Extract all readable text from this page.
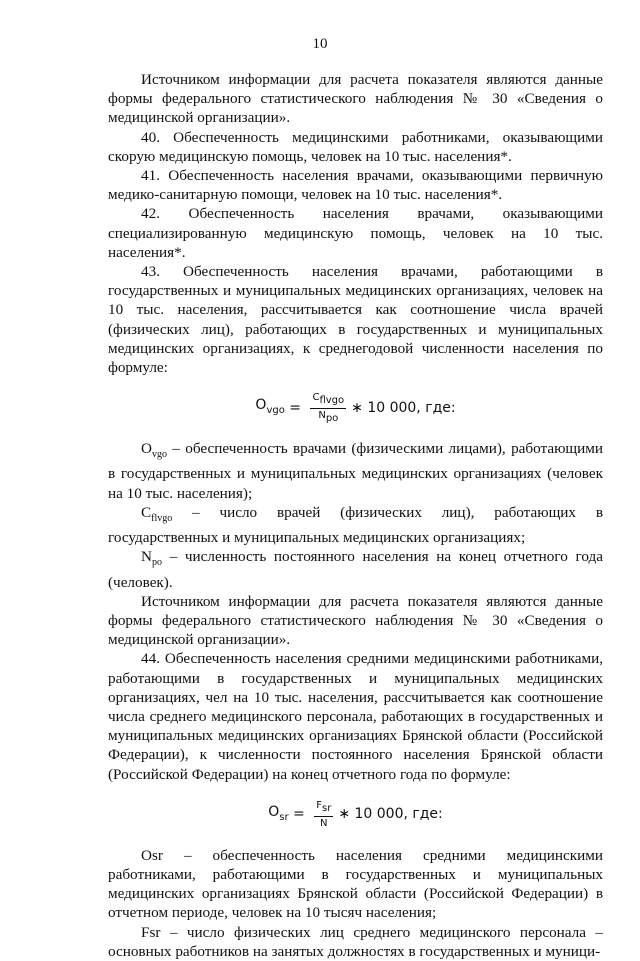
10

Источником информации для расчета показателя являются данные формы федерального статистического наблюдения № 30 «Сведения о медицинской организации».

40. Обеспеченность медицинскими работниками, оказывающими скорую медицинскую помощь, человек на 10 тыс. населения*.

41. Обеспеченность населения врачами, оказывающими первичную медико-санитарную помощи, человек на 10 тыс. населения*.

42. Обеспеченность населения врачами, оказывающими специализированную медицинскую помощь, человек на 10 тыс. населения*.

43. Обеспеченность населения врачами, работающими в государственных и муниципальных медицинских организациях, человек на 10 тыс. населения, рассчитывается как соотношение числа врачей (физических лиц), работающих в государственных и муниципальных медицинских организациях, к среднегодовой численности населения по формуле:

$O_{vgo} = \frac{C_{flvgo}}{N_{po}}$ ∗ 10 000, где:

$O_{vgo}$ – обеспеченность врачами (физическими лицами), работающими в государственных и муниципальных медицинских организациях (человек на 10 тыс. населения);

$C_{flvgo}$ – число врачей (физических лиц), работающих в государственных и муниципальных медицинских организациях;

$N_{po}$ – численность постоянного населения на конец отчетного года (человек).

Источником информации для расчета показателя являются данные формы федерального статистического наблюдения № 30 «Сведения о медицинской организации».

44. Обеспеченность населения средними медицинскими работниками, работающими в государственных и муниципальных медицинских организациях, чел на 10 тыс. населения, рассчитывается как соотношение числа среднего медицинского персонала, работающих в государственных и муниципальных медицинских организациях Брянской области (Российской Федерации), к численности постоянного населения Брянской области (Российской Федерации) на конец отчетного года по формуле:

$O_{sr} = \frac{F_{sr}}{N}$ ∗ 10 000, где:

Osr – обеспеченность населения средними медицинскими работниками, работающими в государственных и муниципальных медицинских организациях Брянской области (Российской Федерации) в отчетном периоде, человек на 10 тысяч населения;

Fsr – число физических лиц среднего медицинского персонала – основных работников на занятых должностях в государственных и муници-
